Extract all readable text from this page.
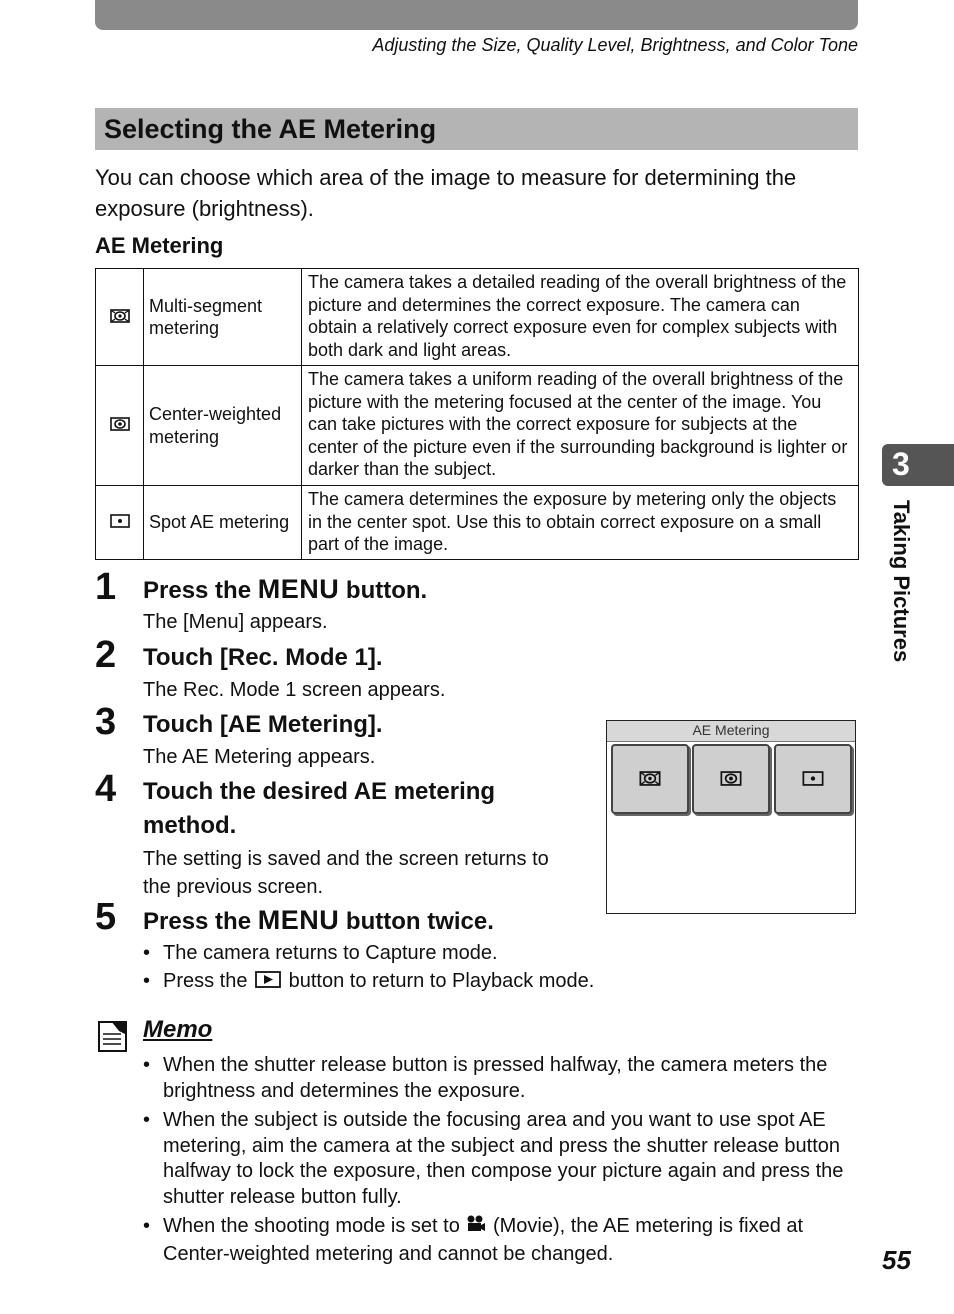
Adjusting the Size, Quality Level, Brightness, and Color Tone
Selecting the AE Metering
You can choose which area of the image to measure for determining the exposure (brightness).
AE Metering
	Multi-segment metering	The camera takes a detailed reading of the overall brightness of the picture and determines the correct exposure. The camera can obtain a relatively correct exposure even for complex subjects with both dark and light areas.
	Center-weighted metering	The camera takes a uniform reading of the overall brightness of the picture with the metering focused at the center of the image. You can take pictures with the correct exposure for subjects at the center of the picture even if the surrounding background is lighter or darker than the subject.
	Spot AE metering	The camera determines the exposure by metering only the objects in the center spot. Use this to obtain correct exposure on a small part of the image.
1 Press the MENU button.
The [Menu] appears.
2 Touch [Rec. Mode 1].
The Rec. Mode 1 screen appears.
3 Touch [AE Metering].
The AE Metering appears.
4 Touch the desired AE metering
method.
The setting is saved and the screen returns to
the previous screen.
5 Press the MENU button twice.
• The camera returns to Capture mode.
• Press the  button to return to Playback mode.
AE Metering
Memo
• When the shutter release button is pressed halfway, the camera meters the brightness and determines the exposure.
• When the subject is outside the focusing area and you want to use spot AE metering, aim the camera at the subject and press the shutter release button halfway to lock the exposure, then compose your picture again and press the shutter release button fully.
• When the shooting mode is set to  (Movie), the AE metering is fixed at Center-weighted metering and cannot be changed.
3
Taking Pictures
55
